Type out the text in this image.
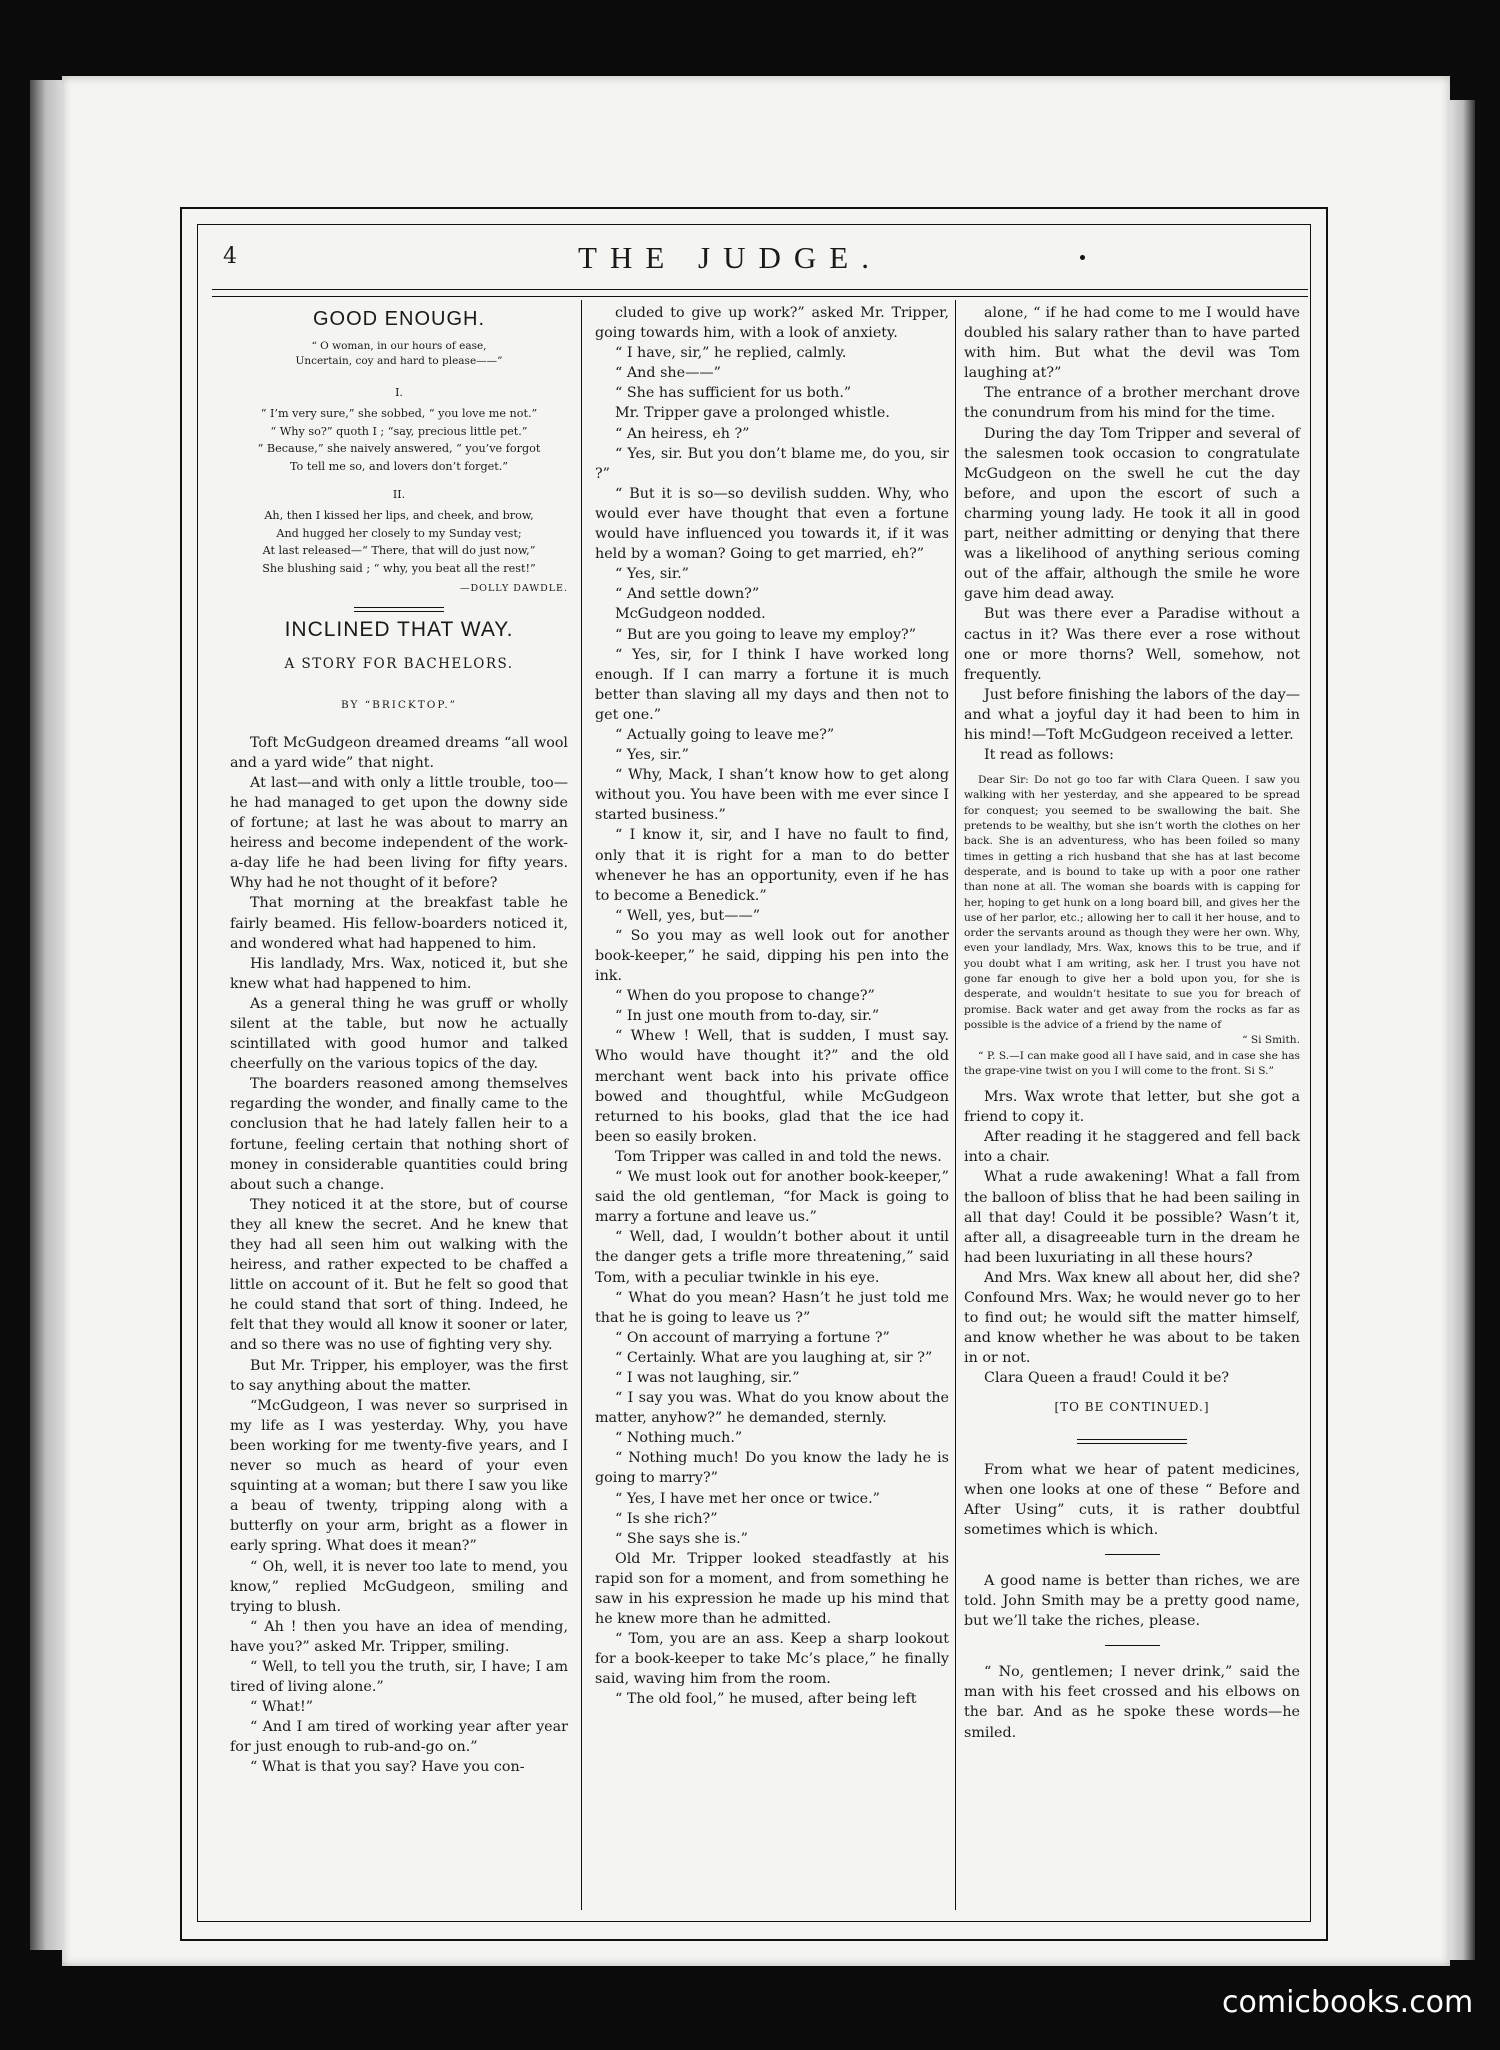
4	THE JUDGE.
GOOD ENOUGH.
“ O woman, in our hours of ease,
Uncertain, coy and hard to please——”
I.
“ I’m very sure,” she sobbed, “ you love me not.”
“ Why so?” quoth I ; “say, precious little pet.”
“ Because,” she naively answered, “ you’ve forgot
To tell me so, and lovers don’t forget.”
II.
Ah, then I kissed her lips, and cheek, and brow,
And hugged her closely to my Sunday vest;
At last released—“ There, that will do just now,”
She blushing said ; “ why, you beat all the rest!”
—DOLLY DAWDLE.
INCLINED THAT WAY.
A STORY FOR BACHELORS.
BY “BRICKTOP.”

Toft McGudgeon dreamed dreams “all wool and a yard wide” that night.

At last—and with only a little trouble, too—he had managed to get upon the downy side of fortune; at last he was about to marry an heiress and become independent of the work-a-day life he had been living for fifty years. Why had he not thought of it before?

That morning at the breakfast table he fairly beamed. His fellow-boarders noticed it, and wondered what had happened to him.

His landlady, Mrs. Wax, noticed it, but she knew what had happened to him.

As a general thing he was gruff or wholly silent at the table, but now he actually scintillated with good humor and talked cheerfully on the various topics of the day.

The boarders reasoned among themselves regarding the wonder, and finally came to the conclusion that he had lately fallen heir to a fortune, feeling certain that nothing short of money in considerable quantities could bring about such a change.

They noticed it at the store, but of course they all knew the secret. And he knew that they had all seen him out walking with the heiress, and rather expected to be chaffed a little on account of it. But he felt so good that he could stand that sort of thing. Indeed, he felt that they would all know it sooner or later, and so there was no use of fighting very shy.

But Mr. Tripper, his employer, was the first to say anything about the matter.

“McGudgeon, I was never so surprised in my life as I was yesterday. Why, you have been working for me twenty-five years, and I never so much as heard of your even squinting at a woman; but there I saw you like a beau of twenty, tripping along with a butterfly on your arm, bright as a flower in early spring. What does it mean?”

“ Oh, well, it is never too late to mend, you know,” replied McGudgeon, smiling and trying to blush.

“ Ah ! then you have an idea of mending, have you?” asked Mr. Tripper, smiling.

“ Well, to tell you the truth, sir, I have; I am tired of living alone.”

“ What!”

“ And I am tired of working year after year for just enough to rub-and-go on.”

“ What is that you say? Have you con-

cluded to give up work?” asked Mr. Tripper, going towards him, with a look of anxiety.

“ I have, sir,” he replied, calmly.

“ And she——”

“ She has sufficient for us both.”

Mr. Tripper gave a prolonged whistle.

“ An heiress, eh ?”

“ Yes, sir. But you don’t blame me, do you, sir ?”

“ But it is so—so devilish sudden. Why, who would ever have thought that even a fortune would have influenced you towards it, if it was held by a woman? Going to get married, eh?”

“ Yes, sir.”

“ And settle down?”

McGudgeon nodded.

“ But are you going to leave my employ?”

“ Yes, sir, for I think I have worked long enough. If I can marry a fortune it is much better than slaving all my days and then not to get one.”

“ Actually going to leave me?”

“ Yes, sir.”

“ Why, Mack, I shan’t know how to get along without you. You have been with me ever since I started business.”

“ I know it, sir, and I have no fault to find, only that it is right for a man to do better whenever he has an opportunity, even if he has to become a Benedick.”

“ Well, yes, but——”

“ So you may as well look out for another book-keeper,” he said, dipping his pen into the ink.

“ When do you propose to change?”

“ In just one mouth from to-day, sir.”

“ Whew ! Well, that is sudden, I must say. Who would have thought it?” and the old merchant went back into his private office bowed and thoughtful, while McGudgeon returned to his books, glad that the ice had been so easily broken.

Tom Tripper was called in and told the news.

“ We must look out for another book-keeper,” said the old gentleman, “for Mack is going to marry a fortune and leave us.”

“ Well, dad, I wouldn’t bother about it until the danger gets a trifle more threatening,” said Tom, with a peculiar twinkle in his eye.

“ What do you mean? Hasn’t he just told me that he is going to leave us ?”

“ On account of marrying a fortune ?”

“ Certainly. What are you laughing at, sir ?”

“ I was not laughing, sir.”

“ I say you was. What do you know about the matter, anyhow?” he demanded, sternly.

“ Nothing much.”

“ Nothing much! Do you know the lady he is going to marry?”

“ Yes, I have met her once or twice.”

“ Is she rich?”

“ She says she is.”

Old Mr. Tripper looked steadfastly at his rapid son for a moment, and from something he saw in his expression he made up his mind that he knew more than he admitted.

“ Tom, you are an ass. Keep a sharp lookout for a book-keeper to take Mc’s place,” he finally said, waving him from the room.

“ The old fool,” he mused, after being left

alone, “ if he had come to me I would have doubled his salary rather than to have parted with him. But what the devil was Tom laughing at?”

The entrance of a brother merchant drove the conundrum from his mind for the time.

During the day Tom Tripper and several of the salesmen took occasion to congratulate McGudgeon on the swell he cut the day before, and upon the escort of such a charming young lady. He took it all in good part, neither admitting or denying that there was a likelihood of anything serious coming out of the affair, although the smile he wore gave him dead away.

But was there ever a Paradise without a cactus in it? Was there ever a rose without one or more thorns? Well, somehow, not frequently.

Just before finishing the labors of the day—and what a joyful day it had been to him in his mind!—Toft McGudgeon received a letter.

It read as follows:

Dear Sir: Do not go too far with Clara Queen. I saw you walking with her yesterday, and she appeared to be spread for conquest; you seemed to be swallowing the bait. She pretends to be wealthy, but she isn’t worth the clothes on her back. She is an adventuress, who has been foiled so many times in getting a rich husband that she has at last become desperate, and is bound to take up with a poor one rather than none at all. The woman she boards with is capping for her, hoping to get hunk on a long board bill, and gives her the use of her parlor, etc.; allowing her to call it her house, and to order the servants around as though they were her own. Why, even your landlady, Mrs. Wax, knows this to be true, and if you doubt what I am writing, ask her. I trust you have not gone far enough to give her a bold upon you, for she is desperate, and wouldn’t hesitate to sue you for breach of promise. Back water and get away from the rocks as far as possible is the advice of a friend by the name of

“ Si Smith.

“ P. S.—I can make good all I have said, and in case she has the grape-vine twist on you I will come to the front. Si S.”

Mrs. Wax wrote that letter, but she got a friend to copy it.

After reading it he staggered and fell back into a chair.

What a rude awakening! What a fall from the balloon of bliss that he had been sailing in all that day! Could it be possible? Wasn’t it, after all, a disagreeable turn in the dream he had been luxuriating in all these hours?

And Mrs. Wax knew all about her, did she? Confound Mrs. Wax; he would never go to her to find out; he would sift the matter himself, and know whether he was about to be taken in or not.

Clara Queen a fraud! Could it be?

[TO BE CONTINUED.]

From what we hear of patent medicines, when one looks at one of these “ Before and After Using” cuts, it is rather doubtful sometimes which is which.

A good name is better than riches, we are told. John Smith may be a pretty good name, but we’ll take the riches, please.

“ No, gentlemen; I never drink,” said the man with his feet crossed and his elbows on the bar. And as he spoke these words—he smiled.

comicbooks.com
